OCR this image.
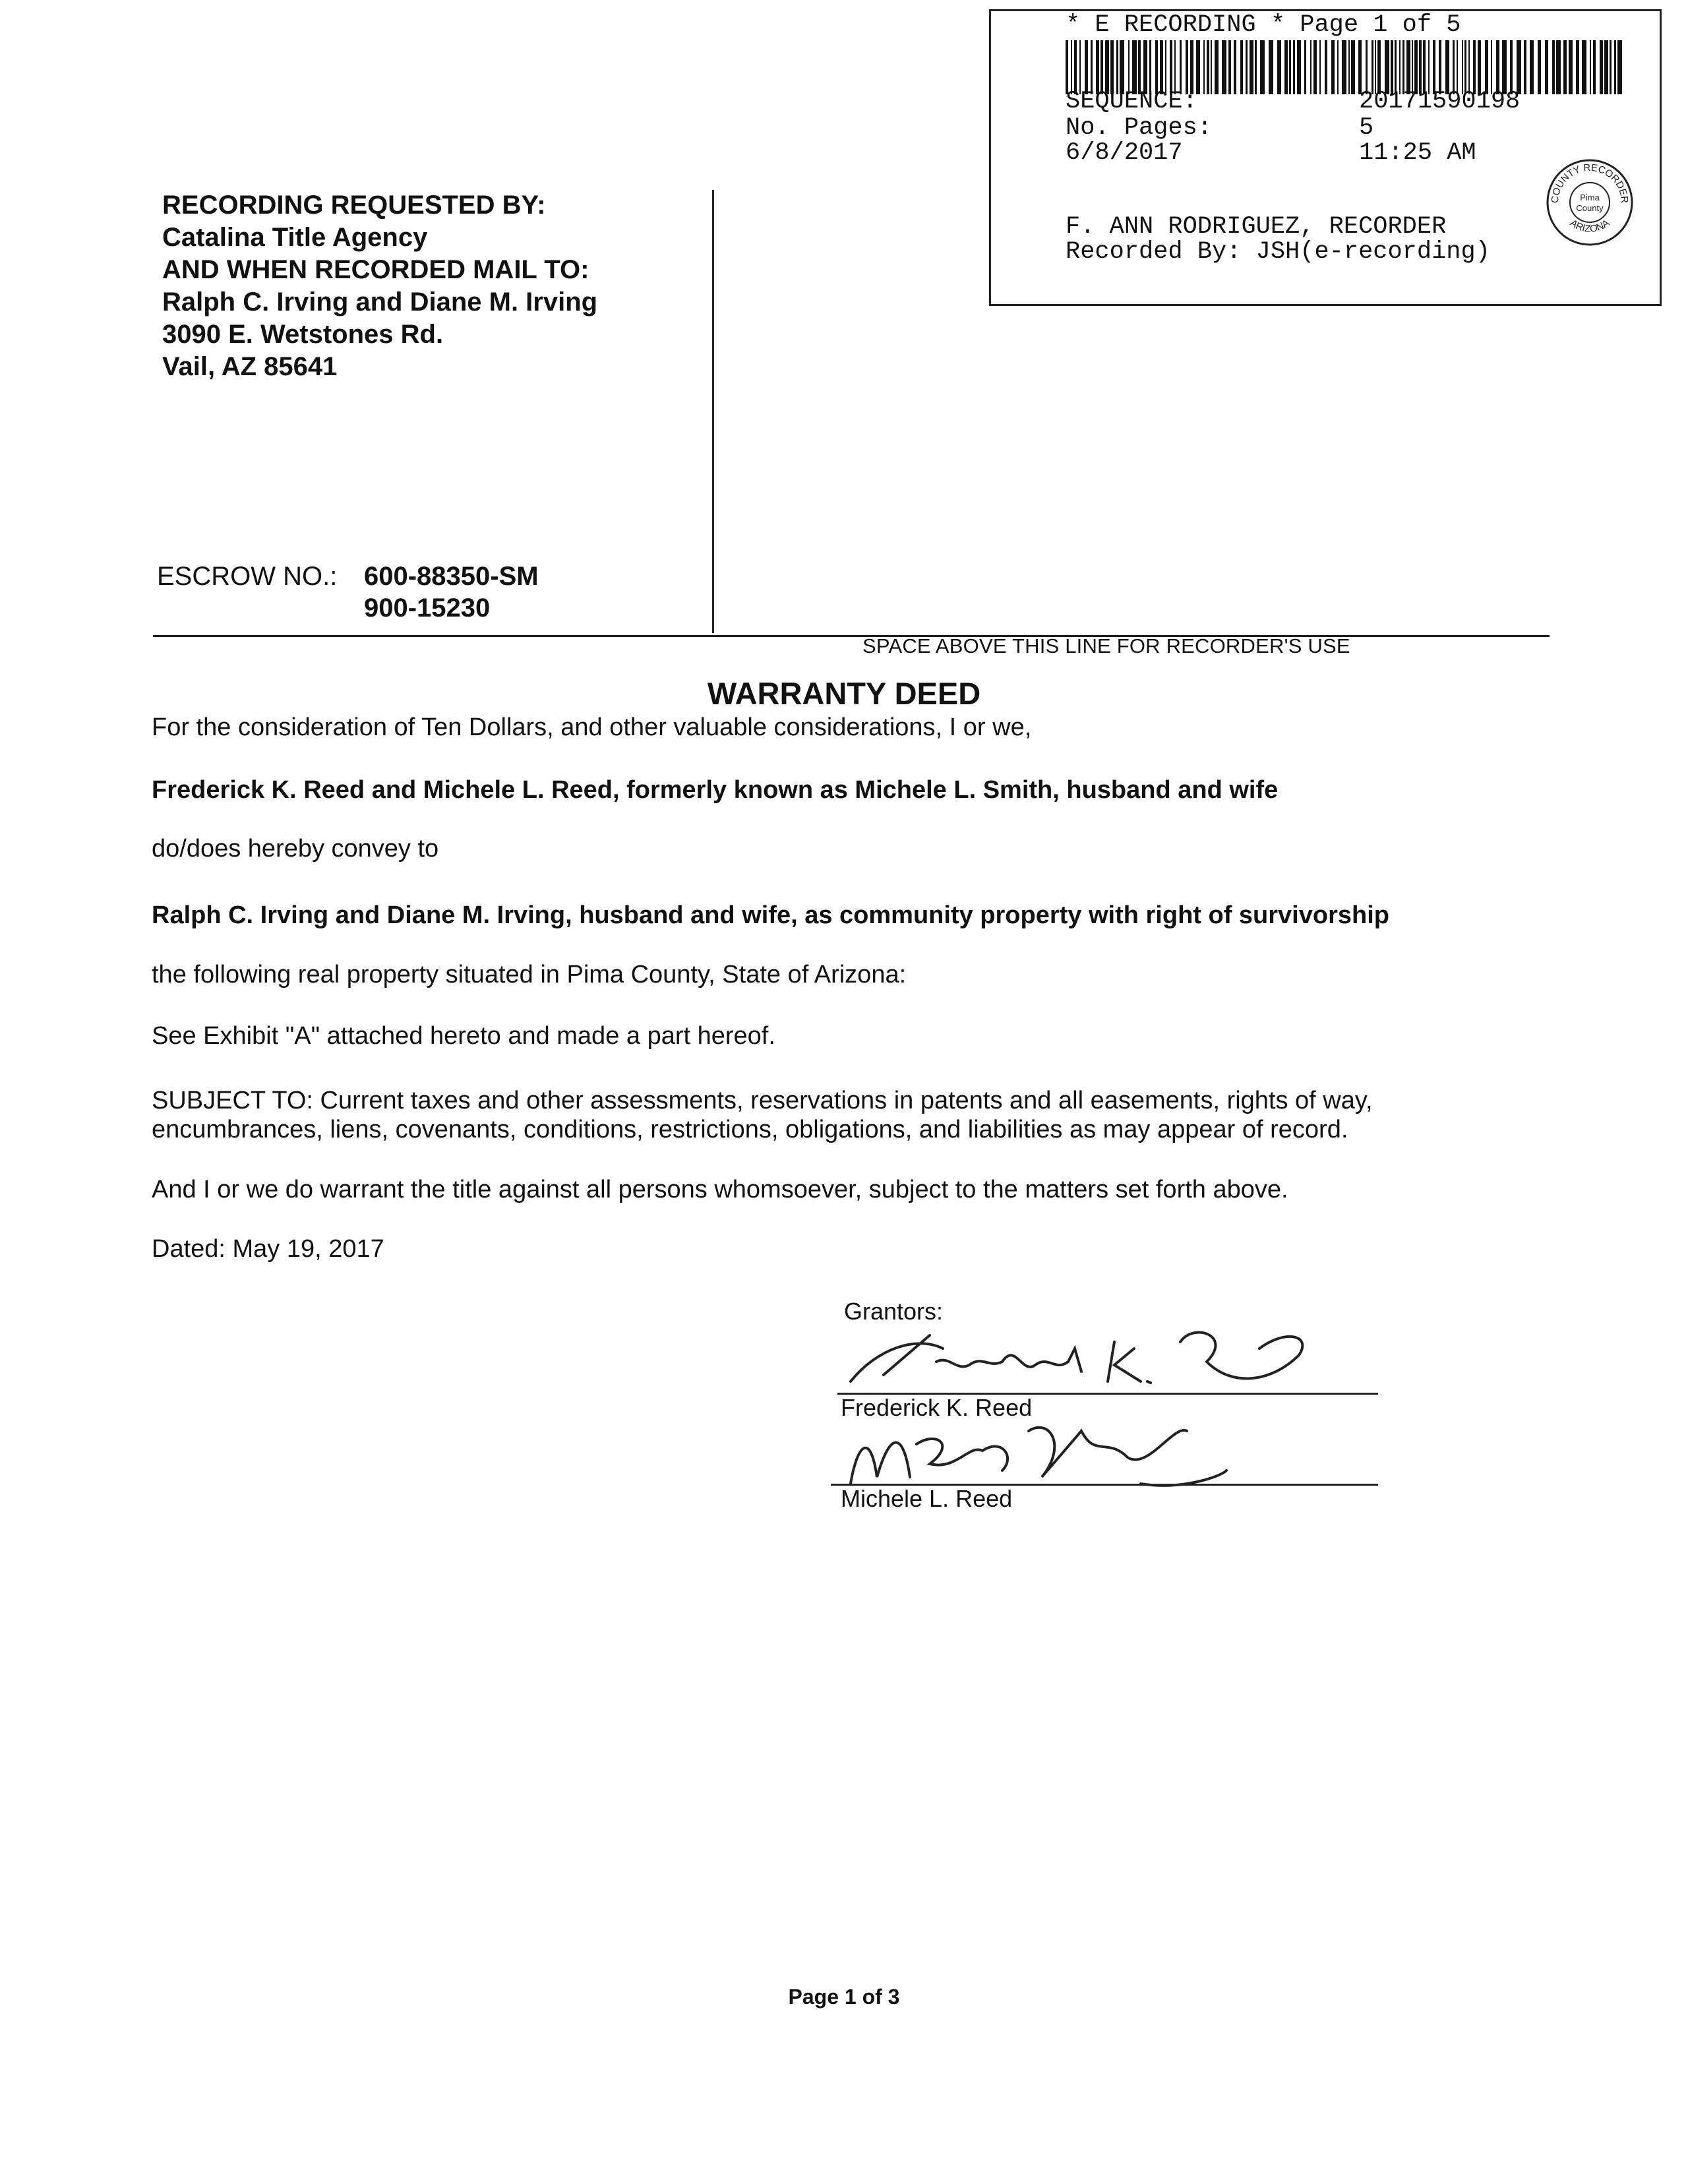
* E RECORDING * Page 1 of 5
SEQUENCE:	20171590198
No. Pages:	5
6/8/2017	11:25 AM
F. ANN RODRIGUEZ, RECORDER
Recorded By: JSH(e-recording)
COUNTY RECORDER
ARIZONA
Pima
County
RECORDING REQUESTED BY:
Catalina Title Agency
AND WHEN RECORDED MAIL TO:
Ralph C. Irving and Diane M. Irving
3090 E. Wetstones Rd.
Vail, AZ 85641
ESCROW NO.: 600-88350-SM
900-15230
SPACE ABOVE THIS LINE FOR RECORDER'S USE
WARRANTY DEED
For the consideration of Ten Dollars, and other valuable considerations, I or we,
Frederick K. Reed and Michele L. Reed, formerly known as Michele L. Smith, husband and wife
do/does hereby convey to
Ralph C. Irving and Diane M. Irving, husband and wife, as community property with right of survivorship
the following real property situated in Pima County, State of Arizona:
See Exhibit "A" attached hereto and made a part hereof.
SUBJECT TO: Current taxes and other assessments, reservations in patents and all easements, rights of way,
encumbrances, liens, covenants, conditions, restrictions, obligations, and liabilities as may appear of record.
And I or we do warrant the title against all persons whomsoever, subject to the matters set forth above.
Dated: May 19, 2017
Grantors:
Frederick K. Reed
Michele L. Reed
Page 1 of 3
